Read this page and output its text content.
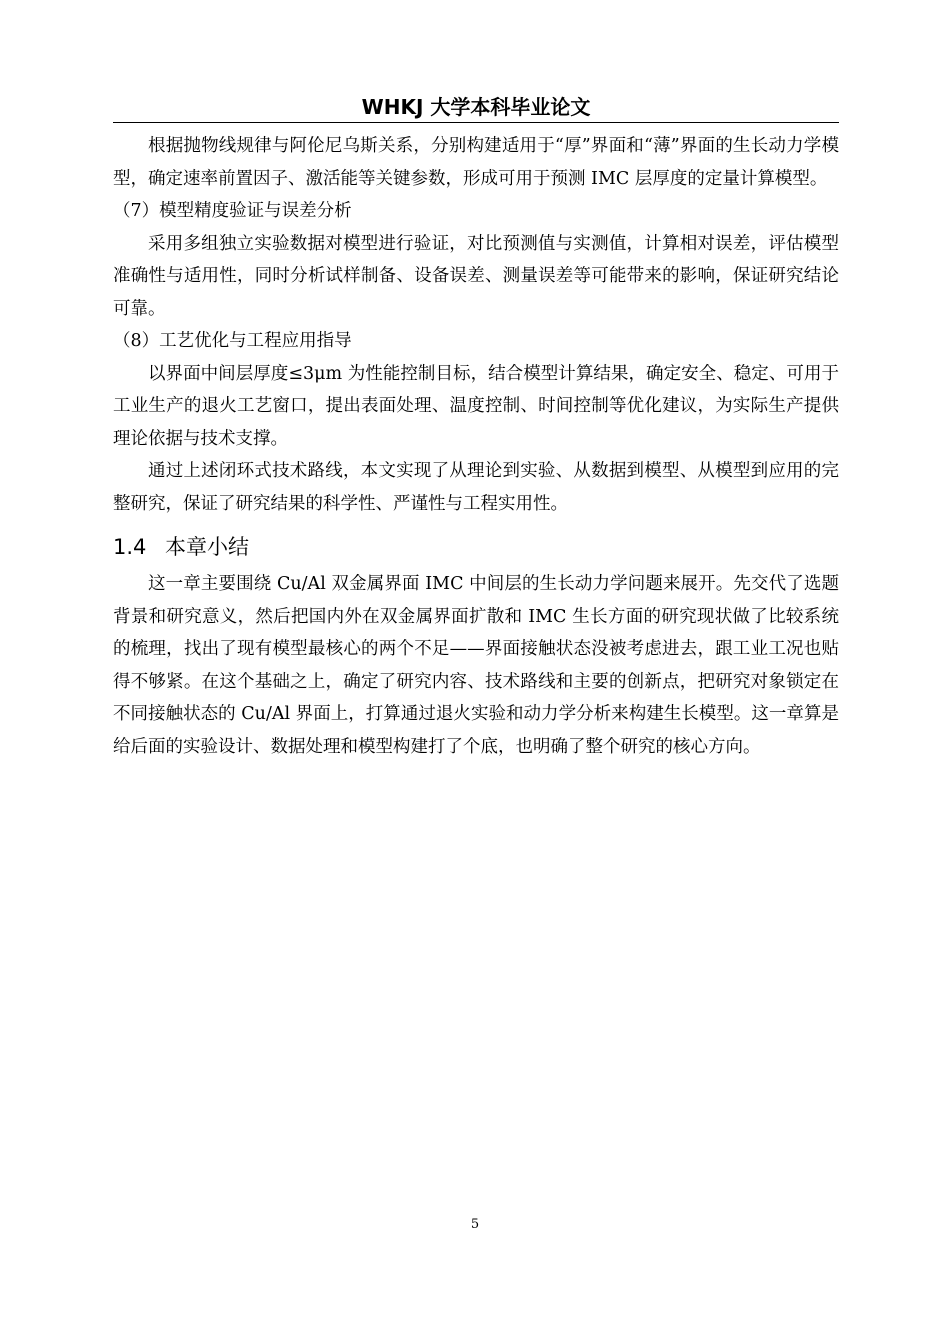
WHKJ 大学本科毕业论文

根据抛物线规律与阿伦尼乌斯关系，分别构建适用于“厚”界面和“薄”界面的生长动力学模型，确定速率前置因子、激活能等关键参数，形成可用于预测 IMC 层厚度的定量计算模型。

（7）模型精度验证与误差分析

采用多组独立实验数据对模型进行验证，对比预测值与实测值，计算相对误差，评估模型准确性与适用性，同时分析试样制备、设备误差、测量误差等可能带来的影响，保证研究结论可靠。

（8）工艺优化与工程应用指导

以界面中间层厚度≤3μm 为性能控制目标，结合模型计算结果，确定安全、稳定、可用于工业生产的退火工艺窗口，提出表面处理、温度控制、时间控制等优化建议，为实际生产提供理论依据与技术支撑。

通过上述闭环式技术路线，本文实现了从理论到实验、从数据到模型、从模型到应用的完整研究，保证了研究结果的科学性、严谨性与工程实用性。

1.4 本章小结

这一章主要围绕 Cu/Al 双金属界面 IMC 中间层的生长动力学问题来展开。先交代了选题背景和研究意义，然后把国内外在双金属界面扩散和 IMC 生长方面的研究现状做了比较系统的梳理，找出了现有模型最核心的两个不足——界面接触状态没被考虑进去，跟工业工况也贴得不够紧。在这个基础之上，确定了研究内容、技术路线和主要的创新点，把研究对象锁定在不同接触状态的 Cu/Al 界面上，打算通过退火实验和动力学分析来构建生长模型。这一章算是给后面的实验设计、数据处理和模型构建打了个底，也明确了整个研究的核心方向。

5
